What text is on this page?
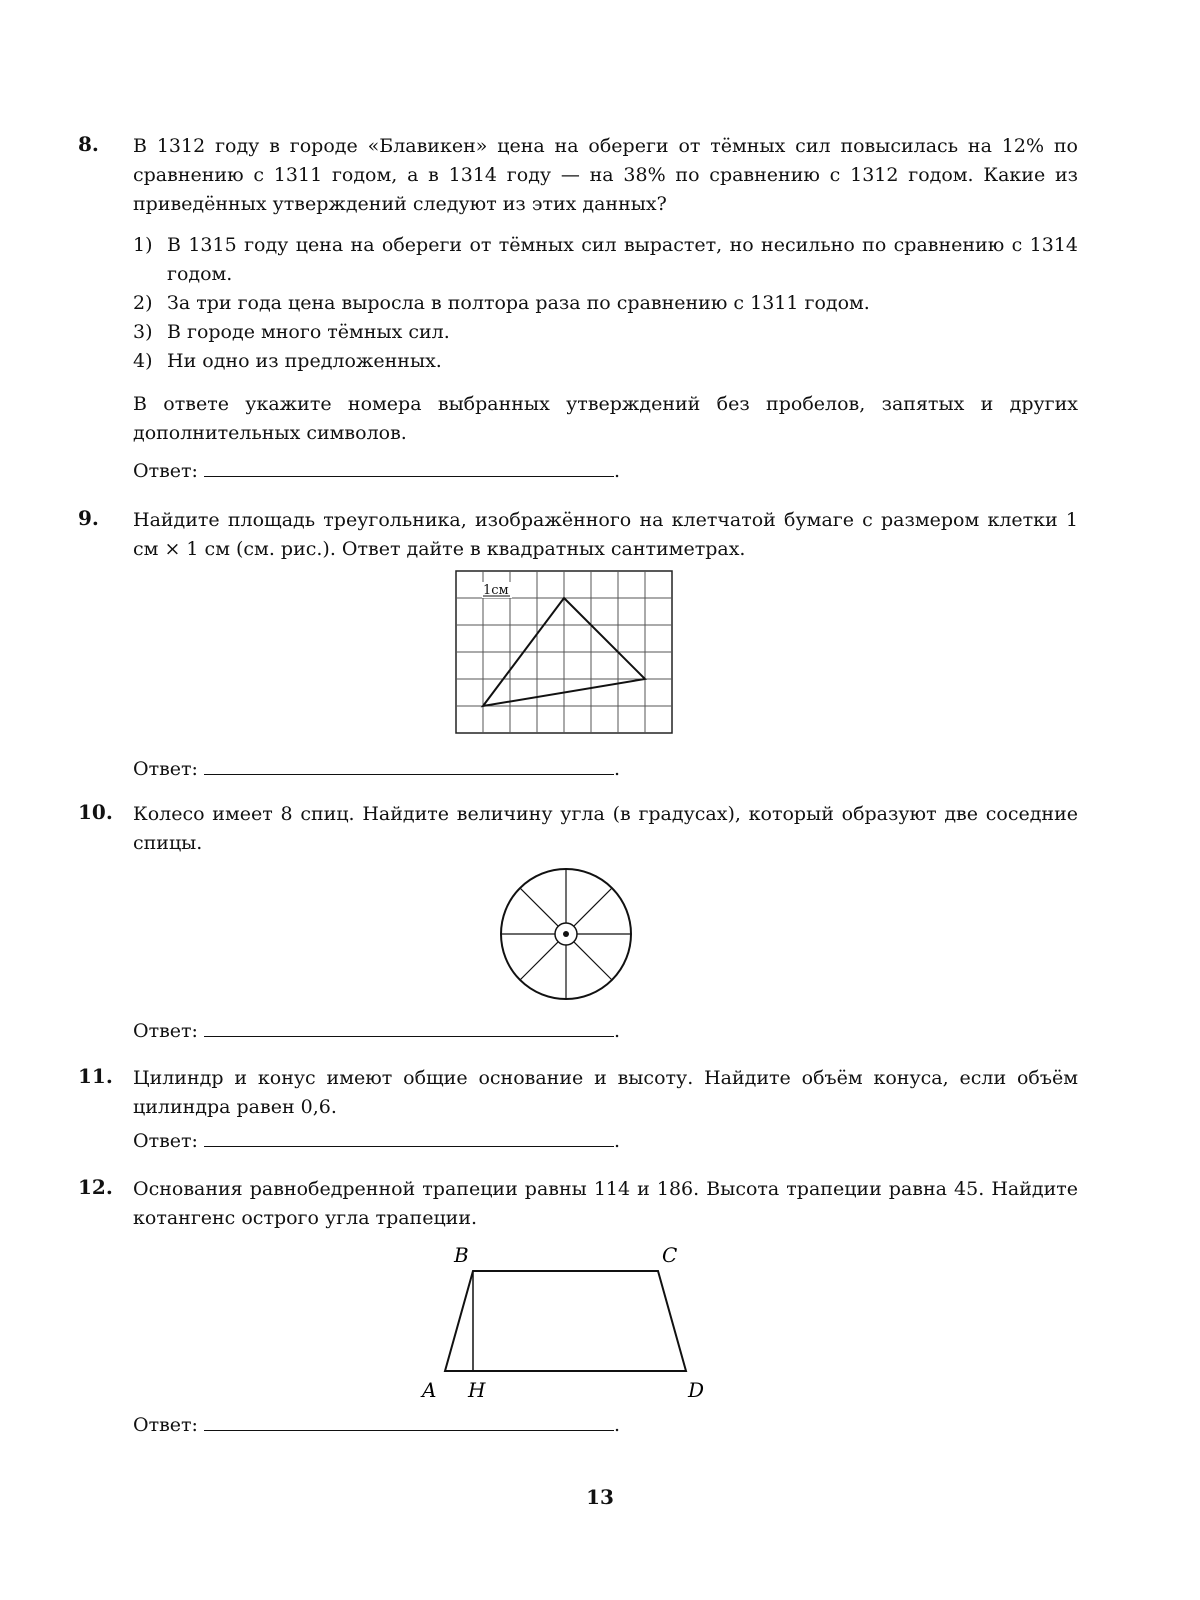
8. В 1312 году в городе «Блавикен» цена на обереги от тёмных сил повысилась на 12% по сравнению с 1311 годом, а в 1314 году — на 38% по сравнению с 1312 годом. Какие из приведённых утверждений следуют из этих данных?

1) В 1315 году цена на обереги от тёмных сил вырастет, но несильно по сравнению с 1314 годом.
2) За три года цена выросла в полтора раза по сравнению с 1311 годом.
3) В городе много тёмных сил.
4) Ни одно из предложенных.

В ответе укажите номера выбранных утверждений без пробелов, запятых и других дополнительных символов.

Ответ:	.
9. Найдите площадь треугольника, изображённого на клетчатой бумаге с размером клетки 1 см × 1 см (см. рис.). Ответ дайте в квадратных сантиметрах.

1см
Ответ:	.
10. Колесо имеет 8 спиц. Найдите величину угла (в градусах), который образуют две соседние спицы.

Ответ:	.
11. Цилиндр и конус имеют общие основание и высоту. Найдите объём конуса, если объём цилиндра равен 0,6.

Ответ:	.
12. Основания равнобедренной трапеции равны 114 и 186. Высота трапеции равна 45. Найдите котангенс острого угла трапеции.

B	C
A H	D
Ответ:	.
13
